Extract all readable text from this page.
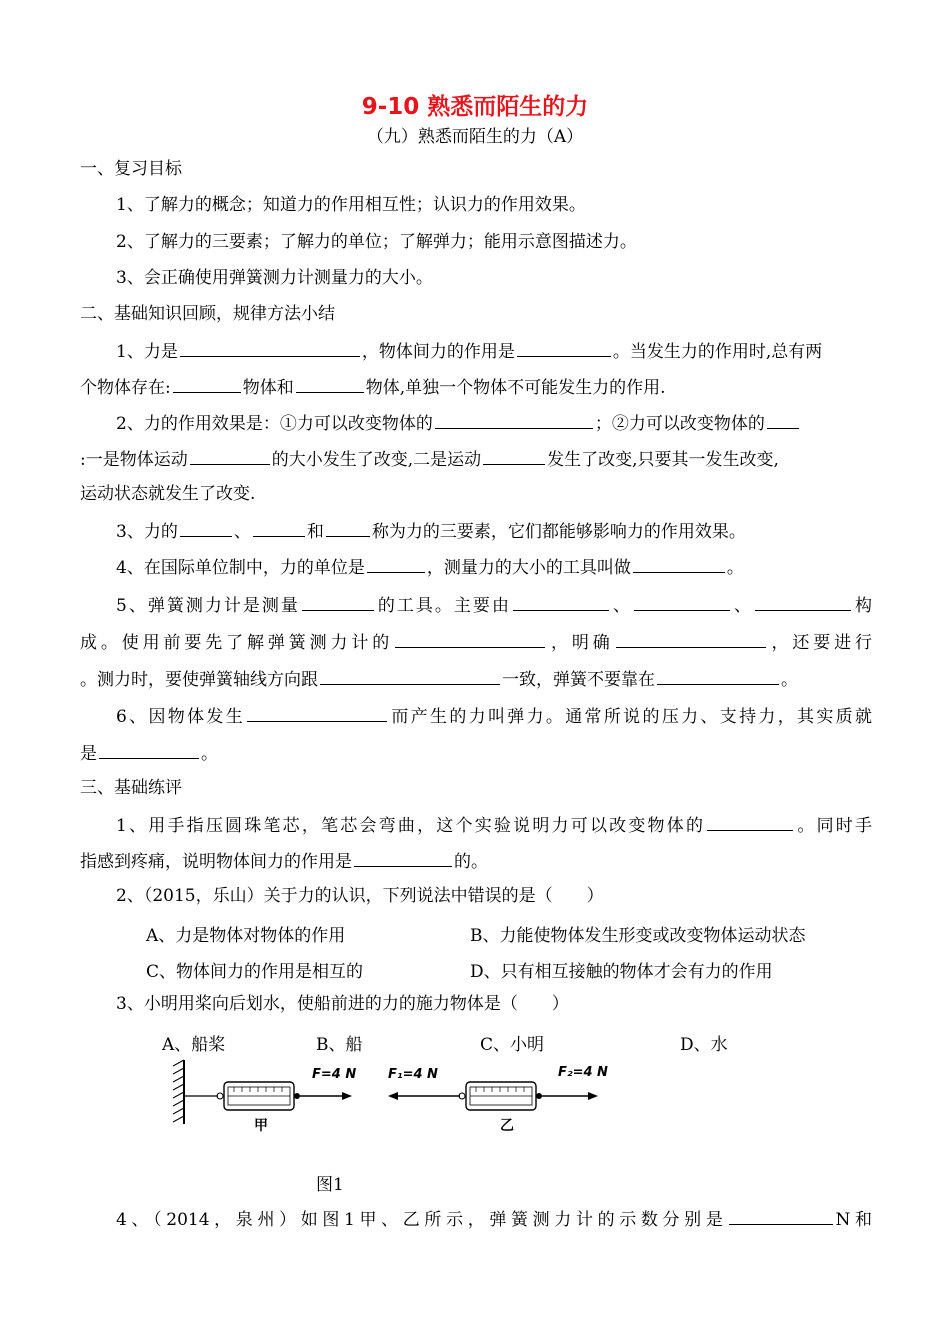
9-10 熟悉而陌生的力
（九）熟悉而陌生的力（A）
一、复习目标
1、了解力的概念；知道力的作用相互性；认识力的作用效果。
2、了解力的三要素；了解力的单位；了解弹力；能用示意图描述力。
3、会正确使用弹簧测力计测量力的大小。
二、基础知识回顾，规律方法小结
1、力是	，物体间力的作用是	。当发生力的作用时,总有两
个物体存在:	物体和	物体,单独一个物体不可能发生力的作用.
2、力的作用效果是：①力可以改变物体的	；②力可以改变物体的
:一是物体运动	的大小发生了改变,二是运动	发生了改变,只要其一发生改变,
运动状态就发生了改变.
3、力的	、	和	称为力的三要素，它们都能够影响力的作用效果。
4、在国际单位制中，力的单位是	，测量力的大小的工具叫做	。
5、弹簧测力计是测量	的工具。主要由	、	、	构
成。使用前要先了解弹簧测力计的	，明确	，还要进行
。测力时，要使弹簧轴线方向跟	一致，弹簧不要靠在	。
6、因物体发生	而产生的力叫弹力。通常所说的压力、支持力，其实质就
是	。
三、基础练评
1、用手指压圆珠笔芯，笔芯会弯曲，这个实验说明力可以改变物体的	。同时手
指感到疼痛，说明物体间力的作用是	的。
2、（2015，乐山）关于力的认识，下列说法中错误的是（　　）
A、力是物体对物体的作用	B、力能使物体发生形变或改变物体运动状态
C、物体间力的作用是相互的	D、只有相互接触的物体才会有力的作用
3、小明用桨向后划水，使船前进的力的施力物体是（　　）
A、船桨	B、船	C、小明	D、水
F=4 N
甲
F₁=4 N	F₂=4 N
乙
图1
4、（2014，泉州）如图1甲、乙所示，弹簧测力计的示数分别是	N和
